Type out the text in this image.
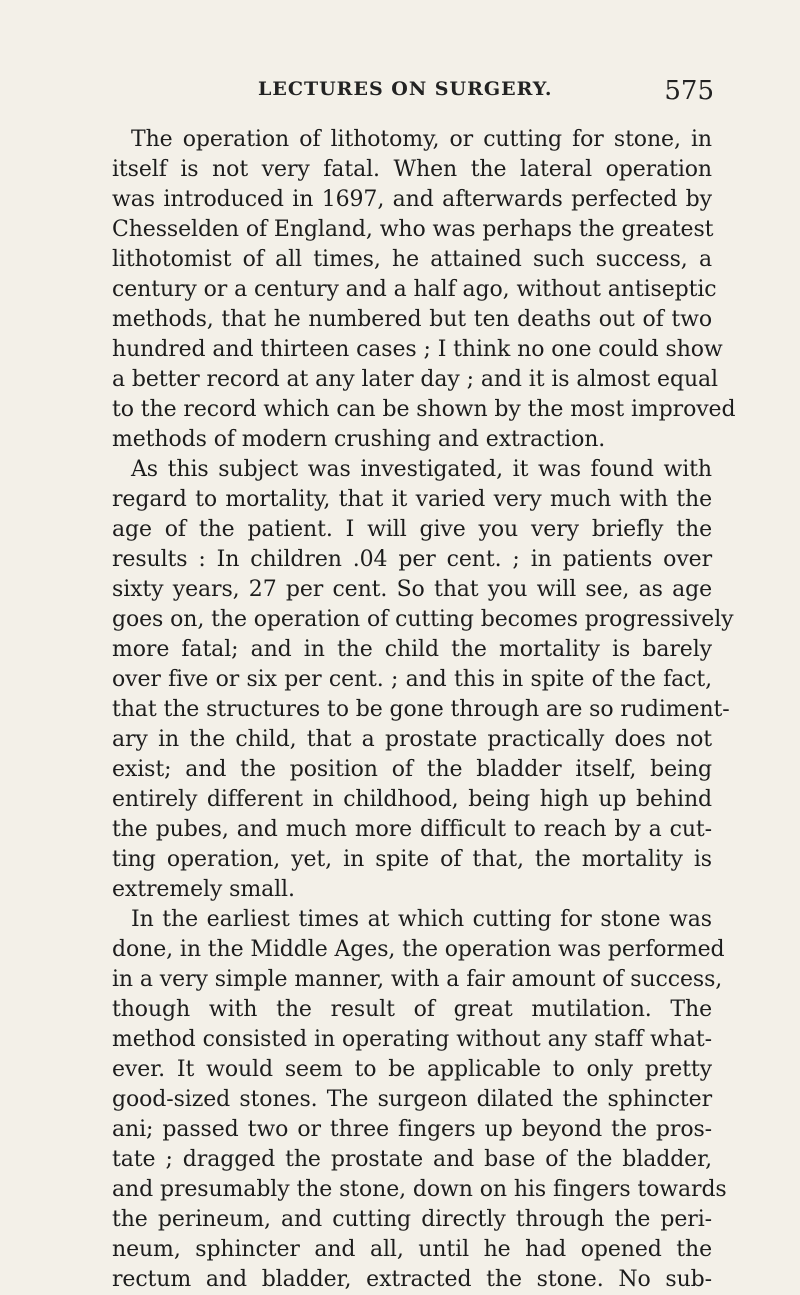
LECTURES ON SURGERY.	575
The operation of lithotomy, or cutting for stone, in
itself is not very fatal. When the lateral operation
was introduced in 1697, and afterwards perfected by
Chesselden of England, who was perhaps the greatest
lithotomist of all times, he attained such success, a
century or a century and a half ago, without antiseptic
methods, that he numbered but ten deaths out of two
hundred and thirteen cases ; I think no one could show
a better record at any later day ; and it is almost equal
to the record which can be shown by the most improved
methods of modern crushing and extraction.
As this subject was investigated, it was found with
regard to mortality, that it varied very much with the
age of the patient. I will give you very briefly the
results : In children .04 per cent. ; in patients over
sixty years, 27 per cent. So that you will see, as age
goes on, the operation of cutting becomes progressively
more fatal; and in the child the mortality is barely
over five or six per cent. ; and this in spite of the fact,
that the structures to be gone through are so rudiment-
ary in the child, that a prostate practically does not
exist; and the position of the bladder itself, being
entirely different in childhood, being high up behind
the pubes, and much more difficult to reach by a cut-
ting operation, yet, in spite of that, the mortality is
extremely small.
In the earliest times at which cutting for stone was
done, in the Middle Ages, the operation was performed
in a very simple manner, with a fair amount of success,
though with the result of great mutilation. The
method consisted in operating without any staff what-
ever. It would seem to be applicable to only pretty
good-sized stones. The surgeon dilated the sphincter
ani; passed two or three fingers up beyond the pros-
tate ; dragged the prostate and base of the bladder,
and presumably the stone, down on his fingers towards
the perineum, and cutting directly through the peri-
neum, sphincter and all, until he had opened the
rectum and bladder, extracted the stone. No sub-
